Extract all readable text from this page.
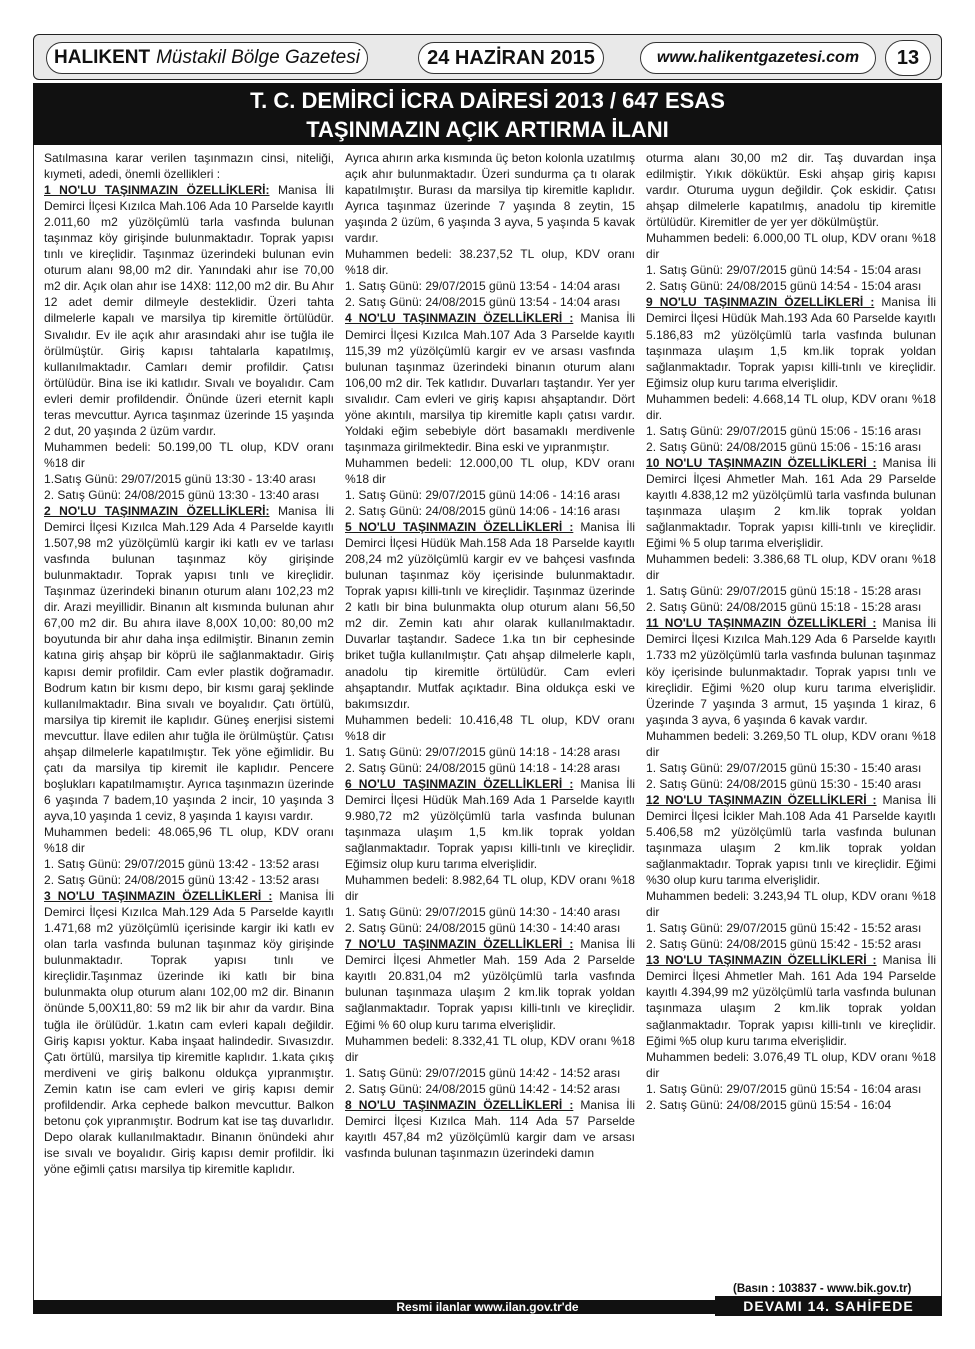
HALIKENT Müstakil Bölge Gazetesi	24 HAZİRAN 2015	www.halikentgazetesi.com	13
T. C. DEMİRCİ İCRA DAİRESİ 2013 / 647 ESAS
TAŞINMAZIN AÇIK ARTIRMA İLANI

Satılmasına karar verilen taşınmazın cinsi, niteliği, kıymeti, adedi, önemli özellikleri :

1 NO'LU TAŞINMAZIN ÖZELLİKLERİ: Manisa İli Demirci İlçesi Kızılca Mah.106 Ada 10 Parselde kayıtlı 2.011,60 m2 yüzölçümlü tarla vasfında bulunan taşınmaz köy girişinde bulunmaktadır. Toprak yapısı tınlı ve kireçlidir. Taşınmaz üzerindeki bulunan evin oturum alanı 98,00 m2 dir. Yanındaki ahır ise 70,00 m2 dir. Açık olan ahır ise 14X8: 112,00 m2 dir. Bu Ahır 12 adet demir dilmeyle desteklidir. Üzeri tahta dilmelerle kapalı ve marsilya tip kiremitle örtülüdür. Sıvalıdır. Ev ile açık ahır arasındaki ahır ise tuğla ile örülmüştür. Giriş kapısı tahtalarla kapatılmış, kullanılmaktadır. Camları demir profildir. Çatısı örtülüdür. Bina ise iki katlıdır. Sıvalı ve boyalıdır. Cam evleri demir profildendir. Önünde üzeri eternit kaplı teras mevcuttur. Ayrıca taşınmaz üzerinde 15 yaşında 2 dut, 20 yaşında 2 üzüm vardır.

Muhammen bedeli: 50.199,00 TL olup, KDV oranı %18 dir

1.Satış Günü: 29/07/2015 günü 13:30 - 13:40 arası

2. Satış Günü: 24/08/2015 günü 13:30 - 13:40 arası

2 NO'LU TAŞINMAZIN ÖZELLİKLERİ: Manisa İli Demirci İlçesi Kızılca Mah.129 Ada 4 Parselde kayıtlı 1.507,98 m2 yüzölçümlü kargir iki katlı ev ve tarlası vasfında bulunan taşınmaz köy girişinde bulunmaktadır. Toprak yapısı tınlı ve kireçlidir. Taşınmaz üzerindeki binanın oturum alanı 102,23 m2 dir. Arazi meyillidir. Binanın alt kısmında bulunan ahır 67,00 m2 dir. Bu ahıra ilave 8,00X 10,00: 80,00 m2 boyutunda bir ahır daha inşa edilmiştir. Binanın zemin katına giriş ahşap bir köprü ile sağlanmaktadır. Giriş kapısı demir profildir. Cam evler plastik doğramadır. Bodrum katın bir kısmı depo, bir kısmı garaj şeklinde kullanılmaktadır. Bina sıvalı ve boyalıdır. Çatı örtülü, marsilya tip kiremit ile kaplıdır. Güneş enerjisi sistemi mevcuttur. İlave edilen ahır tuğla ile örülmüştür. Çatısı ahşap dilmelerle kapatılmıştır. Tek yöne eğimlidir. Bu çatı da marsilya tip kiremit ile kaplıdır. Pencere boşlukları kapatılmamıştır. Ayrıca taşınmazın üzerinde 6 yaşında 7 badem,10 yaşında 2 incir, 10 yaşında 3 ayva,10 yaşında 1 ceviz, 8 yaşında 1 kayısı vardır.

Muhammen bedeli: 48.065,96 TL olup, KDV oranı %18 dir

1. Satış Günü: 29/07/2015 günü 13:42 - 13:52 arası

2. Satış Günü: 24/08/2015 günü 13:42 - 13:52 arası

3 NO'LU TAŞINMAZIN ÖZELLİKLERİ : Manisa İli Demirci İlçesi Kızılca Mah.129 Ada 5 Parselde kayıtlı 1.471,68 m2 yüzölçümlü içerisinde kargir iki katlı ev olan tarla vasfında bulunan taşınmaz köy girişinde bulunmaktadır. Toprak yapısı tınlı ve kireçlidir.Taşınmaz üzerinde iki katlı bir bina bulunmakta olup oturum alanı 102,00 m2 dir. Binanın önünde 5,00X11,80: 59 m2 lik bir ahır da vardır. Bina tuğla ile örülüdür. 1.katın cam evleri kapalı değildir. Giriş kapısı yoktur. Kaba inşaat halindedir. Sıvasızdır. Çatı örtülü, marsilya tip kiremitle kaplıdır. 1.kata çıkış merdiveni ve giriş balkonu oldukça yıpranmıştır. Zemin katın ise cam evleri ve giriş kapısı demir profildendir. Arka cephede balkon mevcuttur. Balkon betonu çok yıpranmıştır. Bodrum kat ise taş duvarlıdır. Depo olarak kullanılmaktadır. Binanın önündeki ahır ise sıvalı ve boyalıdır. Giriş kapısı demir profildir. İki yöne eğimli çatısı marsilya tip kiremitle kaplıdır.

Ayrıca ahırın arka kısmında üç beton kolonla uzatılmış açık ahır bulunmaktadır. Üzeri sundurma ça tı olarak kapatılmıştır. Burası da marsilya tip kiremitle kaplıdır. Ayrıca taşınmaz üzerinde 7 yaşında 8 zeytin, 15 yaşında 2 üzüm, 6 yaşında 3 ayva, 5 yaşında 5 kavak vardır.

Muhammen bedeli: 38.237,52 TL olup, KDV oranı %18 dir.

1. Satış Günü: 29/07/2015 günü 13:54 - 14:04 arası

2. Satış Günü: 24/08/2015 günü 13:54 - 14:04 arası

4 NO'LU TAŞINMAZIN ÖZELLİKLERİ : Manisa İli Demirci İlçesi Kızılca Mah.107 Ada 3 Parselde kayıtlı 115,39 m2 yüzölçümlü kargir ev ve arsası vasfında bulunan taşınmaz üzerindeki binanın oturum alanı 106,00 m2 dir. Tek katlıdır. Duvarları taştandır. Yer yer sıvalıdır. Cam evleri ve giriş kapısı ahşaptandır. Dört yöne akıntılı, marsilya tip kiremitle kaplı çatısı vardır. Yoldaki eğim sebebiyle dört basamaklı merdivenle taşınmaza girilmektedir. Bina eski ve yıpranmıştır.

Muhammen bedeli: 12.000,00 TL olup, KDV oranı %18 dir

1. Satış Günü: 29/07/2015 günü 14:06 - 14:16 arası

2. Satış Günü: 24/08/2015 günü 14:06 - 14:16 arası

5 NO'LU TAŞINMAZIN ÖZELLİKLERİ : Manisa İli Demirci İlçesi Hüdük Mah.158 Ada 18 Parselde kayıtlı 208,24 m2 yüzölçümlü kargir ev ve bahçesi vasfında bulunan taşınmaz köy içerisinde bulunmaktadır. Toprak yapısı killi-tınlı ve kireçlidir. Taşınmaz üzerinde 2 katlı bir bina bulunmakta olup oturum alanı 56,50 m2 dir. Zemin katı ahır olarak kullanılmaktadır. Duvarlar taştandır. Sadece 1.ka tın bir cephesinde briket tuğla kullanılmıştır. Çatı ahşap dilmelerle kaplı, anadolu tip kiremitle örtülüdür. Cam evleri ahşaptandır. Mutfak açıktadır. Bina oldukça eski ve bakımsızdır.

Muhammen bedeli: 10.416,48 TL olup, KDV oranı %18 dir

1. Satış Günü: 29/07/2015 günü 14:18 - 14:28 arası

2. Satış Günü: 24/08/2015 günü 14:18 - 14:28 arası

6 NO'LU TAŞINMAZIN ÖZELLİKLERİ : Manisa İli Demirci İlçesi Hüdük Mah.169 Ada 1 Parselde kayıtlı 9.980,72 m2 yüzölçümlü tarla vasfında bulunan taşınmaza ulaşım 1,5 km.lik toprak yoldan sağlanmaktadır. Toprak yapısı killi-tınlı ve kireçlidir. Eğimsiz olup kuru tarıma elverişlidir.

Muhammen bedeli: 8.982,64 TL olup, KDV oranı %18 dir

1. Satış Günü: 29/07/2015 günü 14:30 - 14:40 arası

2. Satış Günü: 24/08/2015 günü 14:30 - 14:40 arası

7 NO'LU TAŞINMAZIN ÖZELLİKLERİ : Manisa İli Demirci İlçesi Ahmetler Mah. 159 Ada 2 Parselde kayıtlı 20.831,04 m2 yüzölçümlü tarla vasfında bulunan taşınmaza ulaşım 2 km.lik toprak yoldan sağlanmaktadır. Toprak yapısı killi-tınlı ve kireçlidir. Eğimi % 60 olup kuru tarıma elverişlidir.

Muhammen bedeli: 8.332,41 TL olup, KDV oranı %18 dir

1. Satış Günü: 29/07/2015 günü 14:42 - 14:52 arası

2. Satış Günü: 24/08/2015 günü 14:42 - 14:52 arası

8 NO'LU TAŞINMAZIN ÖZELLİKLERİ : Manisa İli Demirci İlçesi Kızılca Mah. 114 Ada 57 Parselde kayıtlı 457,84 m2 yüzölçümlü kargir dam ve arsası vasfında bulunan taşınmazın üzerindeki damın

oturma alanı 30,00 m2 dir. Taş duvardan inşa edilmiştir. Yıkık döküktür. Eski ahşap giriş kapısı vardır. Oturuma uygun değildir. Çok eskidir. Çatısı ahşap dilmelerle kapatılmış, anadolu tip kiremitle örtülüdür. Kiremitler de yer yer dökülmüştür.

Muhammen bedeli: 6.000,00 TL olup, KDV oranı %18 dir

1. Satış Günü: 29/07/2015 günü 14:54 - 15:04 arası

2. Satış Günü: 24/08/2015 günü 14:54 - 15:04 arası

9 NO'LU TAŞINMAZIN ÖZELLİKLERİ : Manisa İli Demirci İlçesi Hüdük Mah.193 Ada 60 Parselde kayıtlı 5.186,83 m2 yüzölçümlü tarla vasfında bulunan taşınmaza ulaşım 1,5 km.lik toprak yoldan sağlanmaktadır. Toprak yapısı killi-tınlı ve kireçlidir. Eğimsiz olup kuru tarıma elverişlidir.

Muhammen bedeli: 4.668,14 TL olup, KDV oranı %18 dir.

1. Satış Günü: 29/07/2015 günü 15:06 - 15:16 arası

2. Satış Günü: 24/08/2015 günü 15:06 - 15:16 arası

10 NO'LU TAŞINMAZIN ÖZELLİKLERİ : Manisa İli Demirci İlçesi Ahmetler Mah. 161 Ada 29 Parselde kayıtlı 4.838,12 m2 yüzölçümlü tarla vasfında bulunan taşınmaza ulaşım 2 km.lik toprak yoldan sağlanmaktadır. Toprak yapısı killi-tınlı ve kireçlidir. Eğimi % 5 olup tarıma elverişlidir.

Muhammen bedeli: 3.386,68 TL olup, KDV oranı %18 dir

1. Satış Günü: 29/07/2015 günü 15:18 - 15:28 arası

2. Satış Günü: 24/08/2015 günü 15:18 - 15:28 arası

11 NO'LU TAŞINMAZIN ÖZELLİKLERİ : Manisa İli Demirci İlçesi Kızılca Mah.129 Ada 6 Parselde kayıtlı 1.733 m2 yüzölçümlü tarla vasfında bulunan taşınmaz köy içerisinde bulunmaktadır. Toprak yapısı tınlı ve kireçlidir. Eğimi %20 olup kuru tarıma elverişlidir. Üzerinde 7 yaşında 3 armut, 15 yaşında 1 kiraz, 6 yaşında 3 ayva, 6 yaşında 6 kavak vardır.

Muhammen bedeli: 3.269,50 TL olup, KDV oranı %18 dir

1. Satış Günü: 29/07/2015 günü 15:30 - 15:40 arası

2. Satış Günü: 24/08/2015 günü 15:30 - 15:40 arası

12 NO'LU TAŞINMAZIN ÖZELLİKLERİ : Manisa İli Demirci İlçesi İcikler Mah.108 Ada 41 Parselde kayıtlı 5.406,58 m2 yüzölçümlü tarla vasfında bulunan taşınmaza ulaşım 2 km.lik toprak yoldan sağlanmaktadır. Toprak yapısı tınlı ve kireçlidir. Eğimi %30 olup kuru tarıma elverişlidir.

Muhammen bedeli: 3.243,94 TL olup, KDV oranı %18 dir

1. Satış Günü: 29/07/2015 günü 15:42 - 15:52 arası

2. Satış Günü: 24/08/2015 günü 15:42 - 15:52 arası

13 NO'LU TAŞINMAZIN ÖZELLİKLERİ : Manisa İli Demirci İlçesi Ahmetler Mah. 161 Ada 194 Parselde kayıtlı 4.394,99 m2 yüzölçümlü tarla vasfında bulunan taşınmaza ulaşım 2 km.lik toprak yoldan sağlanmaktadır. Toprak yapısı killi-tınlı ve kireçlidir. Eğimi %5 olup kuru tarıma elverişlidir.

Muhammen bedeli: 3.076,49 TL olup, KDV oranı %18 dir

1. Satış Günü: 29/07/2015 günü 15:54 - 16:04 arası

2. Satış Günü: 24/08/2015 günü 15:54 - 16:04

(Basın : 103837 - www.bik.gov.tr)
Resmi ilanlar www.ilan.gov.tr'de	DEVAMI 14. SAHİFEDE
